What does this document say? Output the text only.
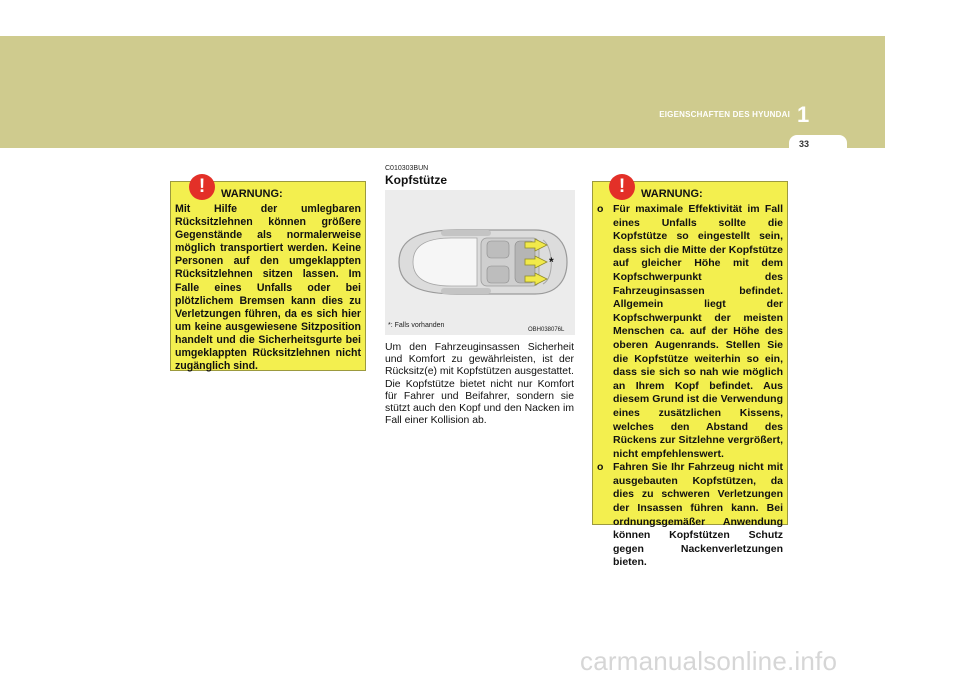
EIGENSCHAFTEN DES HYUNDAI 1
33
!	WARNUNG:
Mit Hilfe der umlegbaren Rücksitzlehnen können größere Gegenstände als normalerweise möglich transportiert werden. Keine Personen auf den umgeklappten Rücksitzlehnen sitzen lassen. Im Falle eines Unfalls oder bei plötzlichem Bremsen kann dies zu Verletzungen führen, da es sich hier um keine ausgewiesene Sitzposition handelt und die Sicherheitsgurte bei umgeklappten Rücksitzlehnen nicht zugänglich sind.
C010303BUN
Kopfstütze
*
*: Falls vorhanden
OBH038076L

Um den Fahrzeuginsassen Sicherheit und Komfort zu gewährleisten, ist der Rücksitz(e) mit Kopfstützen ausgestattet.

Die Kopfstütze bietet nicht nur Komfort für Fahrer und Beifahrer, sondern sie stützt auch den Kopf und den Nacken im Fall einer Kollision ab.

!	WARNUNG:
o Für maximale Effektivität im Fall eines Unfalls sollte die Kopfstütze so eingestellt sein, dass sich die Mitte der Kopfstütze auf gleicher Höhe mit dem Kopfschwerpunkt des Fahrzeuginsassen befindet. Allgemein liegt der Kopfschwerpunkt der meisten Menschen ca. auf der Höhe des oberen Augenrands. Stellen Sie die Kopfstütze weiterhin so ein, dass sie sich so nah wie möglich an Ihrem Kopf befindet. Aus diesem Grund ist die Verwendung eines zusätzlichen Kissens, welches den Abstand des Rückens zur Sitzlehne vergrößert, nicht empfehlenswert.
o Fahren Sie Ihr Fahrzeug nicht mit ausgebauten Kopfstützen, da dies zu schweren Verletzungen der Insassen führen kann. Bei ordnungsgemäßer Anwendung können Kopfstützen Schutz gegen Nackenverletzungen bieten.
carmanualsonline.info
